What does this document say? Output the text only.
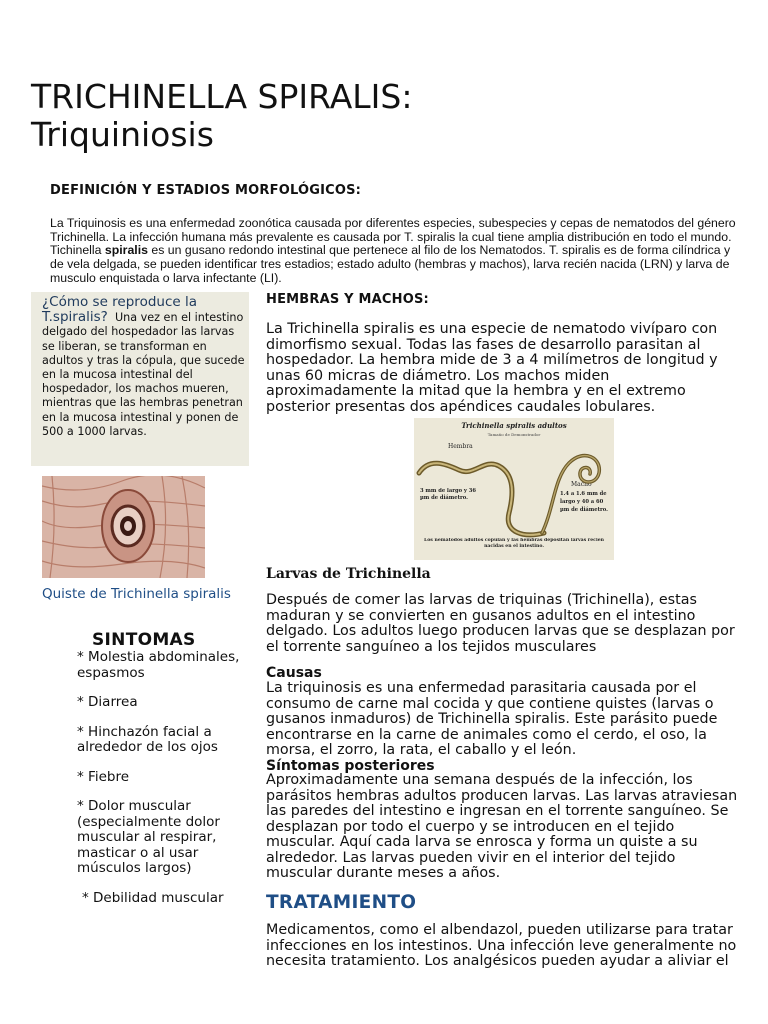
TRICHINELLA SPIRALIS:
Triquiniosis
DEFINICIÓN Y ESTADIOS MORFOLÓGICOS:

La Triquinosis es una enfermedad zoonótica causada por diferentes especies, subespecies y cepas de nematodos del género Trichinella. La infección humana más prevalente es causada por T. spiralis la cual tiene amplia distribución en todo el mundo. Tichinella spiralis es un gusano redondo intestinal que pertenece al filo de los Nematodos. T. spiralis es de forma cilíndrica y de vela delgada, se pueden identificar tres estadios; estado adulto (hembras y machos), larva recién nacida (LRN) y larva de musculo enquistada o larva infectante (LI).

¿Cómo se reproduce la T.spiralis? Una vez en el intestino delgado del hospedador las larvas se liberan, se transforman en adultos y tras la cópula, que sucede en la mucosa intestinal del hospedador, los machos mueren, mientras que las hembras penetran en la mucosa intestinal y ponen de 500 a 1000 larvas.

Quiste de Trichinella spiralis
SINTOMAS
* Molestia abdominales, espasmos
* Diarrea
* Hinchazón facial a alrededor de los ojos
* Fiebre
* Dolor muscular (especialmente dolor muscular al respirar, masticar o al usar músculos largos)
* Debilidad muscular
HEMBRAS Y MACHOS:

La Trichinella spiralis es una especie de nematodo vivíparo con dimorfismo sexual. Todas las fases de desarrollo parasitan al hospedador. La hembra mide de 3 a 4 milímetros de longitud y unas 60 micras de diámetro. Los machos miden aproximadamente la mitad que la hembra y en el extremo posterior presentas dos apéndices caudales lobulares.

Trichinella spiralis adultos
Tamaño de Demonstrador
Hembra
Macho
3 mm de largo y 36 µm de diámetro.
1.4 a 1.6 mm de largo y 40 a 60 µm de diámetro.
Los nematodos adultos copulan y las hembras depositan larvas recién nacidas en el intestino.
Larvas de Trichinella

Después de comer las larvas de triquinas (Trichinella), estas maduran y se convierten en gusanos adultos en el intestino delgado. Los adultos luego producen larvas que se desplazan por el torrente sanguíneo a los tejidos musculares

Causas

La triquinosis es una enfermedad parasitaria causada por el consumo de carne mal cocida y que contiene quistes (larvas o gusanos inmaduros) de Trichinella spiralis. Este parásito puede encontrarse en la carne de animales como el cerdo, el oso, la morsa, el zorro, la rata, el caballo y el león.

Síntomas posteriores

Aproximadamente una semana después de la infección, los parásitos hembras adultos producen larvas. Las larvas atraviesan las paredes del intestino e ingresan en el torrente sanguíneo. Se desplazan por todo el cuerpo y se introducen en el tejido muscular. Aquí cada larva se enrosca y forma un quiste a su alrededor. Las larvas pueden vivir en el interior del tejido muscular durante meses a años.

TRATAMIENTO

Medicamentos, como el albendazol, pueden utilizarse para tratar infecciones en los intestinos. Una infección leve generalmente no necesita tratamiento. Los analgésicos pueden ayudar a aliviar el
